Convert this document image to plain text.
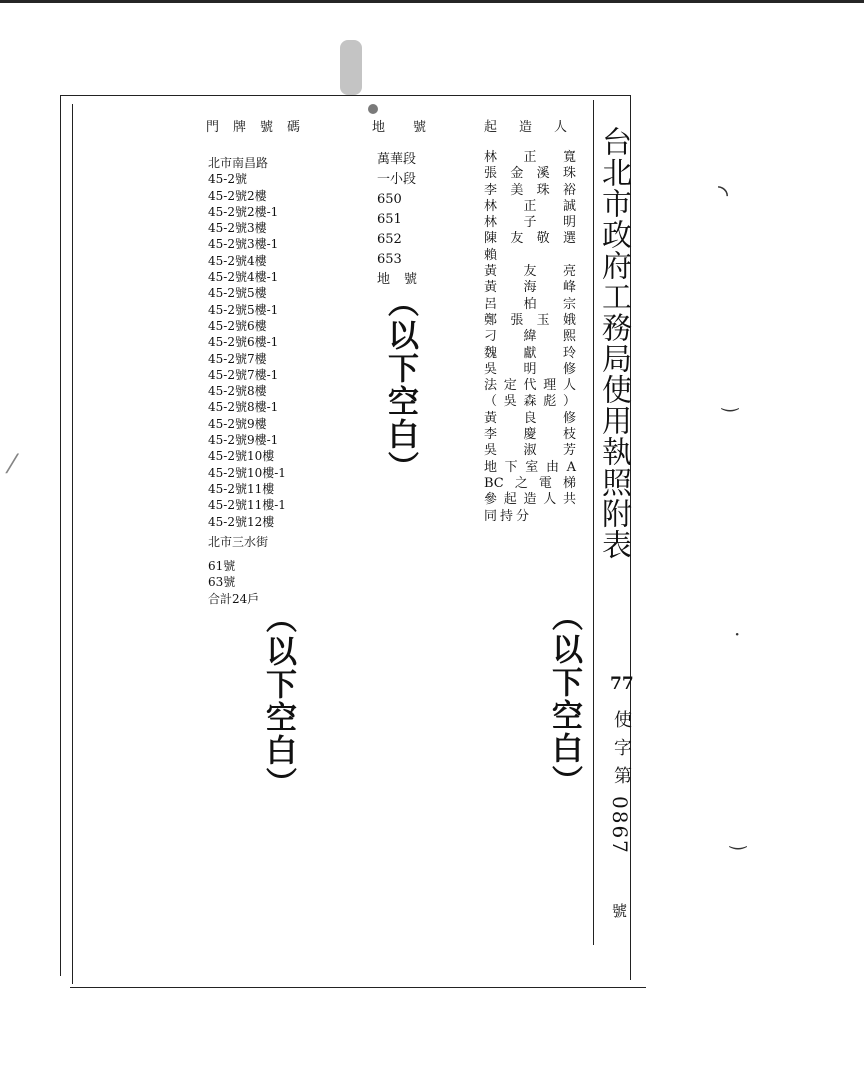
門牌號碼	地號 起造人
北市南昌路
45-2號
45-2號2樓
45-2號2樓-1
45-2號3樓
45-2號3樓-1
45-2號4樓
45-2號4樓-1
45-2號5樓
45-2號5樓-1
45-2號6樓
45-2號6樓-1
45-2號7樓
45-2號7樓-1
45-2號8樓
45-2號8樓-1
45-2號9樓
45-2號9樓-1
45-2號10樓
45-2號10樓-1
45-2號11樓
45-2號11樓-1
45-2號12樓
北市三水街
61號
63號
合計24戶
萬華段
一小段
650
651
652
653
地號
林正寬
張金溪珠
李美珠裕
林正誠
林子明
陳友敬選
賴
黃友亮
黃海峰
呂柏宗
鄭張玉娥
刁緯熙
魏獻玲
吳明修
法定代理人
（吳森彪）
黃良修
李慶枝
吳淑芳
地下室由A
BC之電梯
參起造人共
同持分
（以下空白）
（以下空白）	（以下空白）
台北市政府工務局使用執照附表
77
使字第
0867
號
◝
‿
·
‿
⁄
